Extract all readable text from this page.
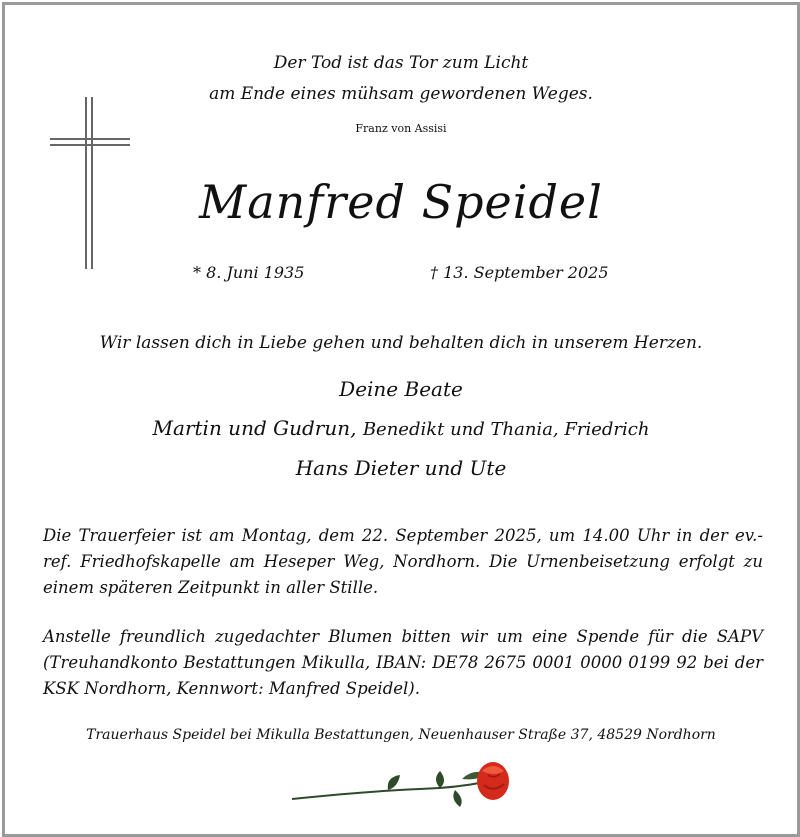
Der Tod ist das Tor zum Licht
am Ende eines mühsam gewordenen Weges.
Franz von Assisi
Manfred Speidel
* 8. Juni 1935	† 13. September 2025
Wir lassen dich in Liebe gehen und behalten dich in unserem Herzen.
Deine Beate
Martin und Gudrun, Benedikt und Thania, Friedrich
Hans Dieter und Ute
Die Trauerfeier ist am Montag, dem 22. September 2025, um 14.00 Uhr in der ev.-ref. Friedhofskapelle am Heseper Weg, Nordhorn. Die Urnenbeisetzung erfolgt zu einem späteren Zeitpunkt in aller Stille.
Anstelle freundlich zugedachter Blumen bitten wir um eine Spende für die SAPV (Treuhandkonto Bestattungen Mikulla, IBAN: DE78 2675 0001 0000 0199 92 bei der KSK Nordhorn, Kennwort: Manfred Speidel).
Trauerhaus Speidel bei Mikulla Bestattungen, Neuenhauser Straße 37, 48529 Nordhorn
